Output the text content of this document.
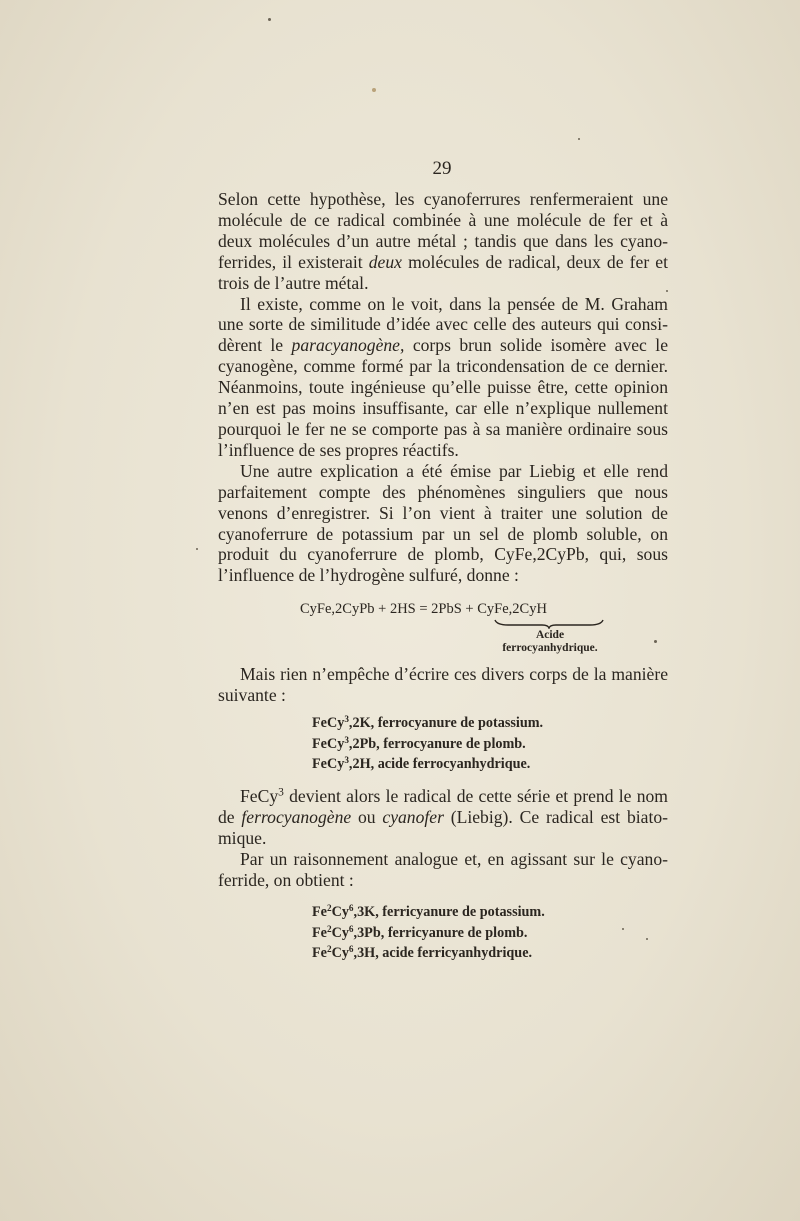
29

Selon cette hypothèse, les cyanoferrures renfermeraient une molécule de ce radical combinée à une molécule de fer et à deux molécules d’un autre métal ; tandis que dans les cyano-ferrides, il existerait deux molécules de radical, deux de fer et trois de l’autre métal.

Il existe, comme on le voit, dans la pensée de M. Graham une sorte de similitude d’idée avec celle des auteurs qui consi-dèrent le paracyanogène, corps brun solide isomère avec le cyanogène, comme formé par la tricondensation de ce dernier. Néanmoins, toute ingénieuse qu’elle puisse être, cette opinion n’en est pas moins insuffisante, car elle n’explique nullement pourquoi le fer ne se comporte pas à sa manière ordinaire sous l’influence de ses propres réactifs.

Une autre explication a été émise par Liebig et elle rend parfaitement compte des phénomènes singuliers que nous venons d’enregistrer. Si l’on vient à traiter une solution de cyanoferrure de potassium par un sel de plomb soluble, on produit du cyanoferrure de plomb, CyFe,2CyPb, qui, sous l’influence de l’hydrogène sulfuré, donne :

CyFe,2CyPb + 2HS = 2PbS + CyFe,2CyH
Acide
ferrocyanhydrique.

Mais rien n’empêche d’écrire ces divers corps de la manière suivante :

FeCy$^3$,2K, ferrocyanure de potassium.
FeCy$^3$,2Pb, ferrocyanure de plomb.
FeCy$^3$,2H, acide ferrocyanhydrique.

FeCy$^3$ devient alors le radical de cette série et prend le nom de ferrocyanogène ou cyanofer (Liebig). Ce radical est biato-mique.

Par un raisonnement analogue et, en agissant sur le cyano-ferride, on obtient :

Fe$^2$Cy$^6$,3K, ferricyanure de potassium.
Fe$^2$Cy$^6$,3Pb, ferricyanure de plomb.
Fe$^2$Cy$^6$,3H, acide ferricyanhydrique.
